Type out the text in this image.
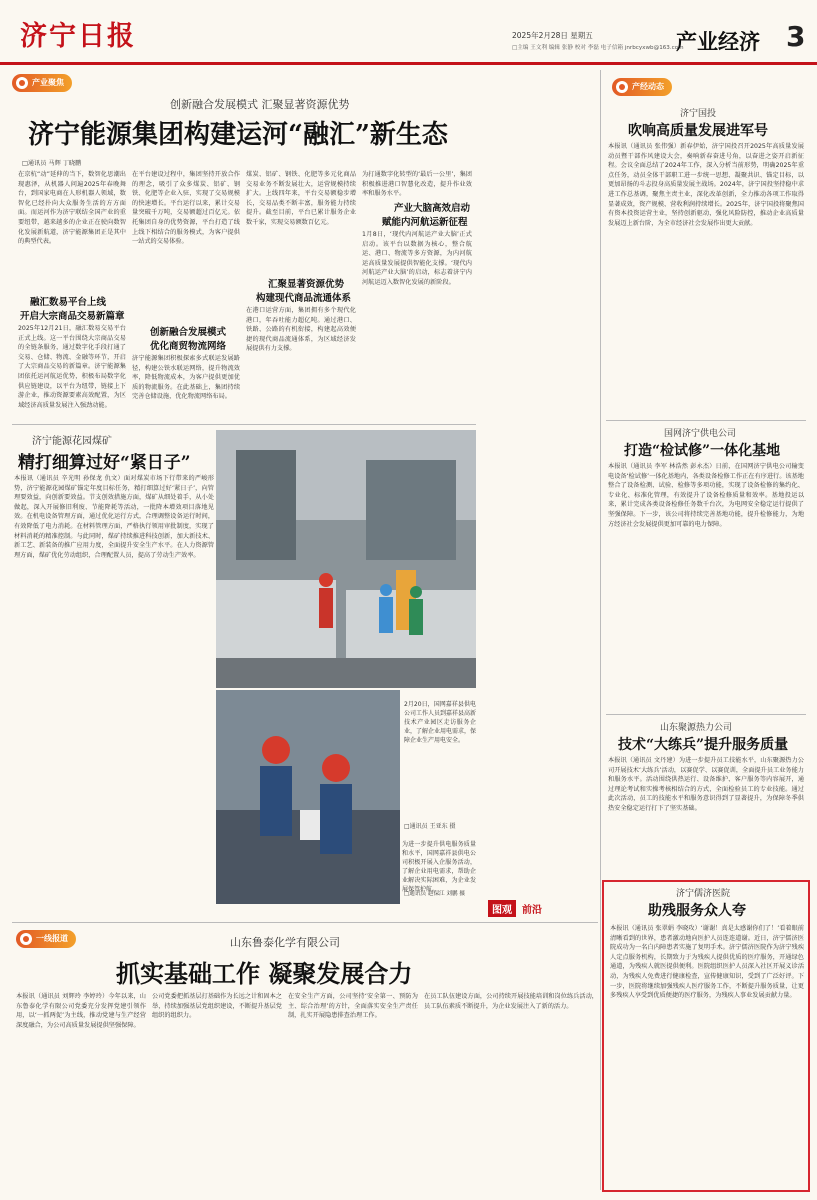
济宁日报	2025年2月28日 星期五
□主编 王文利 编辑 张静 校对 李磊 电子信箱 jnrbcyxwb@163.com
产业经济 3
产业聚焦
创新融合发展模式 汇聚显著资源优势
济宁能源集团构建运河“融汇”新生态
□通讯员 马辉 丁晓鹏
在京杭“动”延伸的当下，数智化思潮出现惠泽，从机器人问遍2025年春晚舞台，到国家电商在人形机器人领域，数智化已经扑向大众服务生活的方方面面。而运河作为济宁联结全国产业的重要纽带，越来越多的企业正在驶向数智化发展新航道，济宁能源集团正是其中的典型代表。
融汇数易平台上线
开启大宗商品交易新篇章
2025年12月21日，融汇数易交易平台正式上线。这一平台围绕大宗商品交易的全链条服务，通过数字化手段打通了交易、仓储、物流、金融等环节，开启了大宗商品交易的新篇章。济宁能源集团依托运河航运优势，积极布局数字化供应链建设，以平台为纽带，链接上下游企业，推动资源要素高效配置，为区域经济高质量发展注入强劲动能。
在平台建设过程中，集团坚持开放合作的理念，吸引了众多煤炭、铝矿、钢铁、化肥等企业入驻，实现了交易规模的快速增长。平台运行以来，累计交易量突破千万吨，交易额超过百亿元。依托集团自身的优势资源，平台打造了线上线下相结合的服务模式，为客户提供一站式的交易体验。
创新融合发展模式
优化商贸物流网络
济宁能源集团积极探索多式联运发展路径，构建公铁水联运网络，提升物流效率，降低物流成本，为客户提供更加优质的物流服务。在此基础上，集团持续完善仓储设施，优化物流网络布局。
煤炭、铝矿、钢铁、化肥等多元化商品交易业务不断发展壮大，运营规模持续扩大。上线四年来，平台交易额稳步增长，交易品类不断丰富，服务能力持续提升。截至目前，平台已累计服务企业数千家，实现交易额数百亿元。
汇聚显著资源优势
构建现代商品流通体系
在港口运营方面，集团拥有多个现代化港口，年吞吐能力超亿吨。通过港口、铁路、公路的有机衔接，构建起高效便捷的现代商品流通体系，为区域经济发展提供有力支撑。
为打通数字化转型的‘最后一公里’，集团积极推进港口智慧化改造，提升作业效率和服务水平。
产业大脑高效启动
赋能内河航运新征程
1月8日，‘现代内河航运产业大脑’正式启动。该平台以数据为核心，整合航运、港口、物流等多方资源，为内河航运高质量发展提供智能化支撑。‘现代内河航运产业大脑’的启动，标志着济宁内河航运迈入数智化发展的新阶段。
济宁能源花园煤矿
精打细算过好“紧日子”
本报讯（通讯员 辛光明 孙保龙 仇文）面对煤炭市场下行带来的严峻形势，济宁能源花园煤矿锚定年度目标任务，精打细算过好‘紧日子’，向管理要效益，向创新要效益。节支创效措施方面，煤矿从细处着手，从小处做起，深入开展修旧利废、节能降耗等活动，一批降本增效项目落地见效。在机电设备管理方面，通过优化运行方式，合理调整设备运行时间，有效降低了电力消耗。在材料管理方面，严格执行领用审批制度，实现了材料消耗的精准控制。与此同时，煤矿持续推进科技创新，加大新技术、新工艺、新装备的推广应用力度，全面提升安全生产水平。在人力资源管理方面，煤矿优化劳动组织，合理配置人员，提高了劳动生产效率。
2月20日，国网嘉祥县供电公司工作人员到嘉祥县高新技术产业园区走访服务企业，了解企业用电需求，保障企业生产用电安全。
□通讯员 王亚东 摄
为进一步提升供电服务质量和水平，国网嘉祥县供电公司积极开展入企服务活动，了解企业用电需求，帮助企业解决实际困难，为企业发展保驾护航。
□通讯员 赵保江 刘鹏 摄
图观	前沿
一线报道	山东鲁泰化学有限公司
抓实基础工作 凝聚发展合力
本报讯（通讯员 刘辉玲 李婷玲）今年以来，山东鲁泰化学有限公司党委充分发挥党建引领作用，以‘一抓两促’为主线，推动党建与生产经营深度融合，为公司高质量发展提供坚强保障。
公司党委把抓基层打基础作为长远之计和固本之举，持续加强基层党组织建设，不断提升基层党组织的组织力。
在安全生产方面，公司坚持‘安全第一、预防为主、综合治理’的方针，全面落实安全生产责任制，扎实开展隐患排查治理工作。
在员工队伍建设方面，公司持续开展技能培训和岗位练兵活动，员工队伍素质不断提升，为企业发展注入了新的活力。
产经动态
济宁国投
吹响高质量发展进军号
本报讯（通讯员 张伟强）新春伊始，济宁国投召开2025年高质量发展动员暨干部作风建设大会，奏响新春奋进号角，以奋进之姿开启新征程。会议全面总结了2024年工作，深入分析当前形势，明确2025年重点任务，动员全体干部职工进一步统一思想、凝聚共识、锚定目标，以更加昂扬的斗志投身高质量发展主战场。2024年，济宁国投坚持稳中求进工作总基调，聚焦主责主业，深化改革创新，全力推动各项工作取得显著成效，资产规模、营收利润持续增长。2025年，济宁国投将聚焦国有资本投资运营主业，坚持创新驱动，强化风险防控，推动企业高质量发展迈上新台阶，为全市经济社会发展作出更大贡献。
国网济宁供电公司
打造“检试修”一体化基地
本报讯（通讯员 李军 林浩然 彭永杰）日前，在国网济宁供电公司输变电设备‘检试修’一体化基地内，各类设备检修工作正在有序进行。该基地整合了设备检测、试验、检修等多项功能，实现了设备检修的集约化、专业化、标准化管理，有效提升了设备检修质量和效率。基地投运以来，累计完成各类设备检修任务数千台次，为电网安全稳定运行提供了坚强保障。下一步，该公司将持续完善基地功能，提升检修能力，为地方经济社会发展提供更加可靠的电力保障。
山东聚源热力公司
技术“大练兵”提升服务质量
本报讯（通讯员 文丹建）为进一步提升员工技能水平，山东聚源热力公司开展技术‘大练兵’活动，以赛促学、以赛促训，全面提升员工业务能力和服务水平。活动围绕供热运行、设备维护、客户服务等内容展开，通过理论考试和实操考核相结合的方式，全面检验员工的专业技能。通过此次活动，员工的技能水平和服务意识得到了显著提升，为保障冬季供热安全稳定运行打下了坚实基础。
济宁儒济医院
助残服务众人夸
本报讯（通讯员 张翠娟 李晓攻）‘谢谢！真是太感谢你们了！’看着眼前清晰看到的世界，患者激动地向医护人员连连道谢。近日，济宁儒济医院成功为一名白内障患者实施了复明手术。济宁儒济医院作为济宁残疾人定点服务机构，长期致力于为残疾人提供优质的医疗服务，开通绿色通道，为残疾人就医提供便利。医院组织医护人员深入社区开展义诊活动，为残疾人免费进行健康检查，宣传健康知识，受到了广泛好评。下一步，医院将继续加强残疾人医疗服务工作，不断提升服务质量，让更多残疾人享受到优质便捷的医疗服务，为残疾人事业发展贡献力量。
